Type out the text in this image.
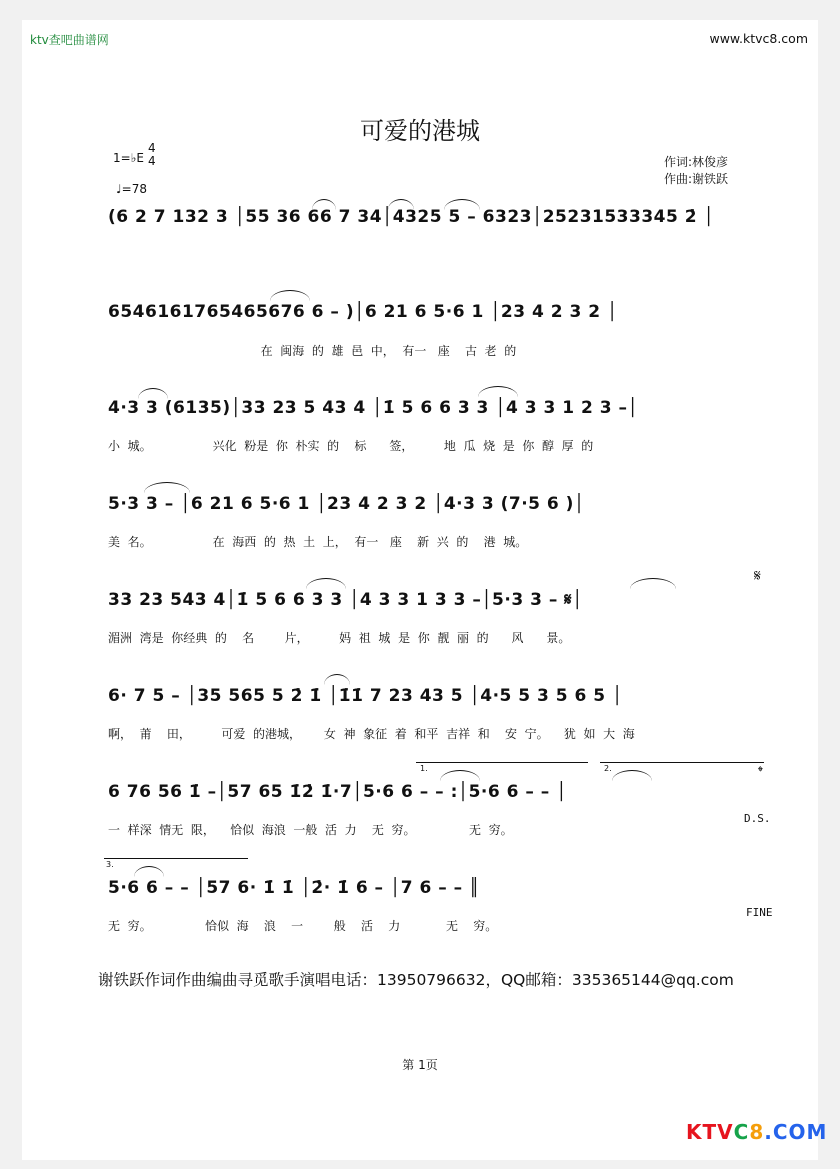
ktv查吧曲谱网	www.ktvc8.com
可爱的港城
1=♭E
4
4
♩=78
作词:林俊彦
作曲:谢铁跃
(6 2 7 132 3 │55 36 66 7 34│4325 5 – 6323│25231533345 2̇ │
6546161765465676 6 – )│6 21 6 5·6 1 │23 4 2 3 2 │
在  闽海  的  雄  邑  中，  有一   座    古  老  的
4·3 3 (6135)│33 23 5 43 4 │1̇ 5 6 6 3 3 │4 3 3 1 2 3 –│
小  城。                兴化  粉是  你  朴实  的    标      签，        地  瓜  烧  是  你  醇  厚  的
5·3 3 – │6 21 6 5·6 1 │23 4 2 3 2 │4·3 3 (7·5 6 )│
美  名。                在  海西  的  热  土  上，  有一   座    新  兴  的    港  城。
33 23 543 4│1̇ 5 6 6 3 3 │4 3 3 1 3 3 –│5·3 3 – 𝄋│
湄洲  湾是  你经典  的    名        片，        妈  祖  城  是  你  靓  丽  的      风      景。
6· 7 5 – │35 565 5 2̇ 1̇ │1̇1̇ 7 23 43 5 │4·5 5 3 5 6 5 │
啊，  莆    田，        可爱  的港城，      女  神  象征  着  和平  吉祥  和    安  宁。    犹  如  大  海
6 76 56 1̇ –│57 65 1̇2̇ 1̇·7│5·6 6 – – :│5·6 6 – – │
一  样深  情无  限，    恰似  海浪  一般  活  力    无  穷。              无  穷。
5·6 6 – – │57 6· 1̇ 1̇ │2̇· 1̇ 6 – │7 6 – – ║
无  穷。              恰似  海    浪    一        般    活    力            无    穷。
1.	2.
3.
𝄋
𝄌
D.S.
FINE
谢铁跃作词作曲编曲寻觅歌手演唱电话：13950796632，QQ邮箱：335365144@qq.com
第 1页
KTVC8.COM
